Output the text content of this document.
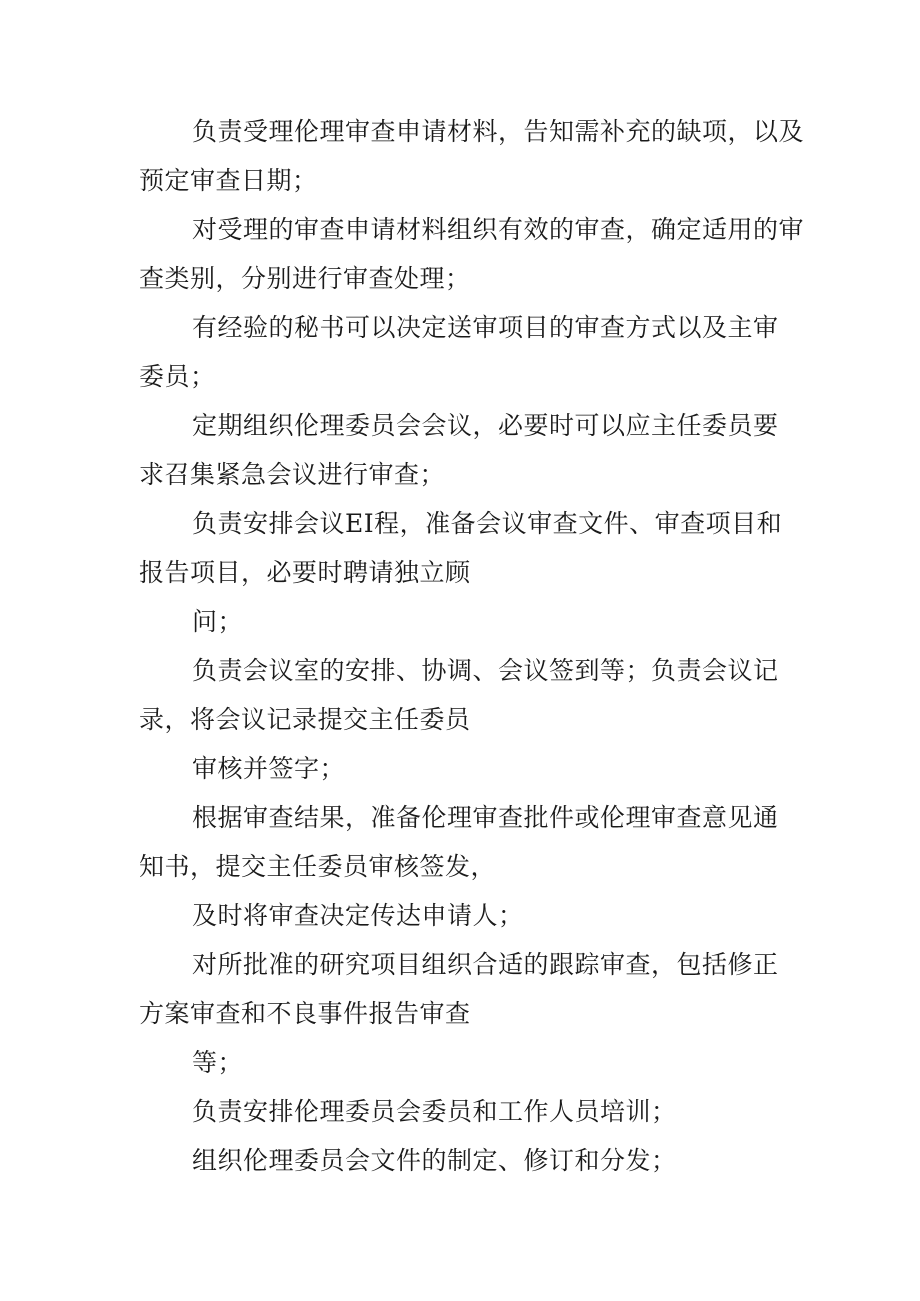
负责受理伦理审查申请材料，告知需补充的缺项，以及
预定审查日期；
对受理的审查申请材料组织有效的审查，确定适用的审
查类别，分别进行审查处理；
有经验的秘书可以决定送审项目的审查方式以及主审
委员；
定期组织伦理委员会会议，必要时可以应主任委员要
求召集紧急会议进行审查；
负责安排会议EI程，准备会议审查文件、审查项目和
报告项目，必要时聘请独立顾
问；
负责会议室的安排、协调、会议签到等；负责会议记
录，将会议记录提交主任委员
审核并签字；
根据审查结果，准备伦理审查批件或伦理审查意见通
知书，提交主任委员审核签发，
及时将审查决定传达申请人；
对所批准的研究项目组织合适的跟踪审查，包括修正
方案审查和不良事件报告审查
等；
负责安排伦理委员会委员和工作人员培训；
组织伦理委员会文件的制定、修订和分发；
